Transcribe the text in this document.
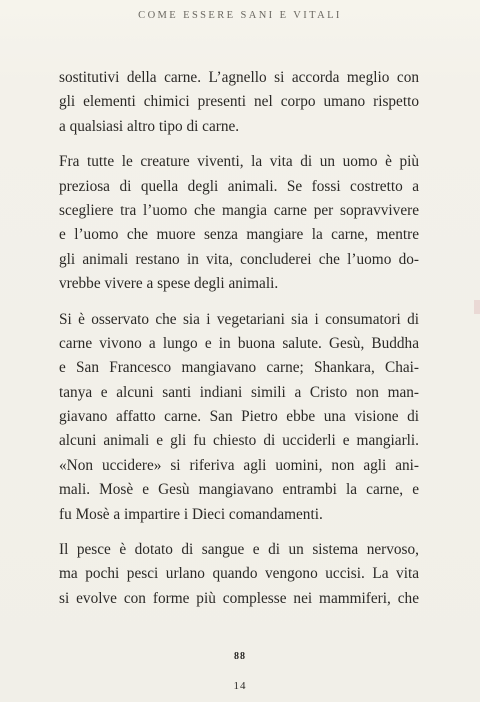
COME ESSERE SANI E VITALI

sostitutivi della carne. L’agnello si accorda meglio con
gli elementi chimici presenti nel corpo umano rispetto
a qualsiasi altro tipo di carne.

Fra tutte le creature viventi, la vita di un uomo è più
preziosa di quella degli animali. Se fossi costretto a
scegliere tra l’uomo che mangia carne per sopravvivere
e l’uomo che muore senza mangiare la carne, mentre
gli animali restano in vita, concluderei che l’uomo do-
vrebbe vivere a spese degli animali.

Si è osservato che sia i vegetariani sia i consumatori di
carne vivono a lungo e in buona salute. Gesù, Buddha
e San Francesco mangiavano carne; Shankara, Chai-
tanya e alcuni santi indiani simili a Cristo non man-
giavano affatto carne. San Pietro ebbe una visione di
alcuni animali e gli fu chiesto di ucciderli e mangiarli.
«Non uccidere» si riferiva agli uomini, non agli ani-
mali. Mosè e Gesù mangiavano entrambi la carne, e
fu Mosè a impartire i Dieci comandamenti.

Il pesce è dotato di sangue e di un sistema nervoso,
ma pochi pesci urlano quando vengono uccisi. La vita
si evolve con forme più complesse nei mammiferi, che

88
14
